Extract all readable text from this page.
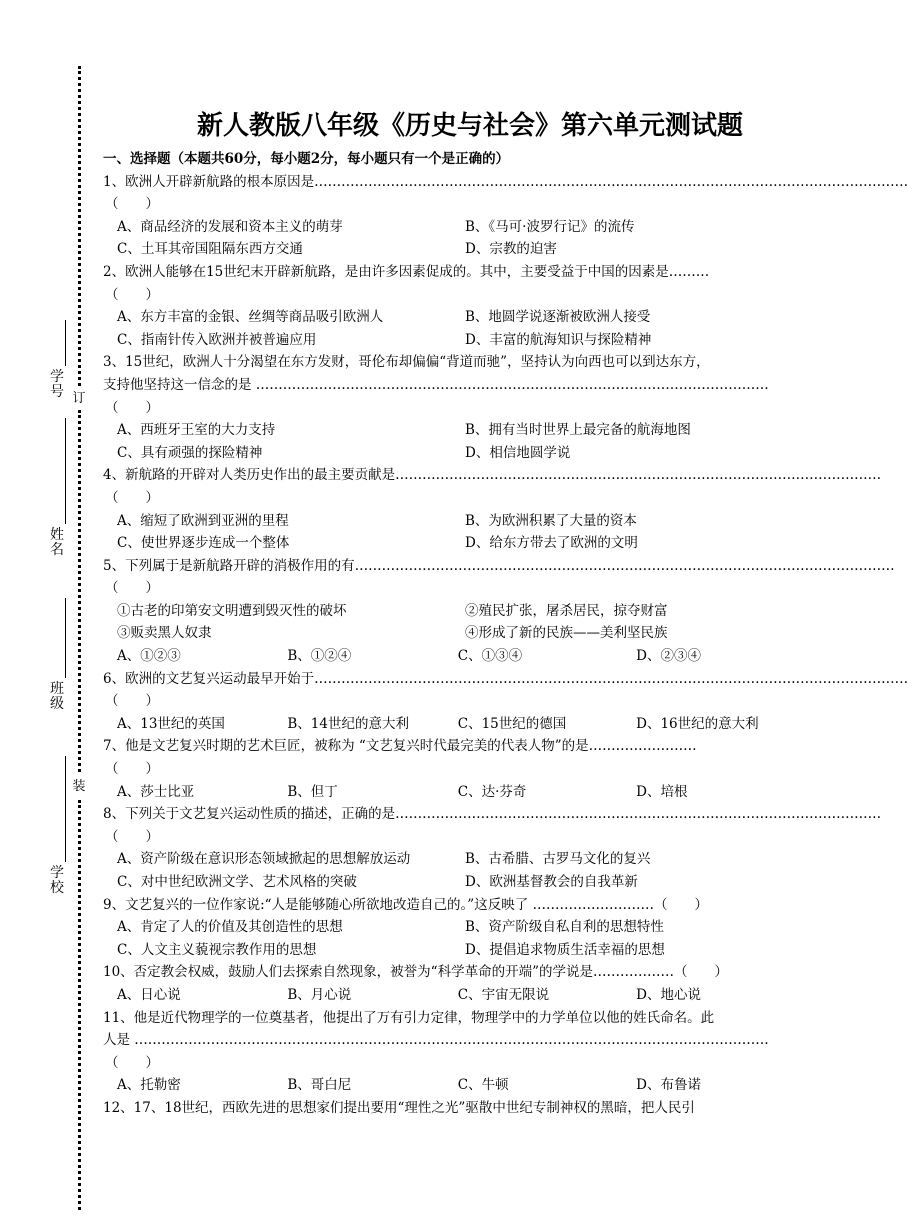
订
装
学号
姓名
班级
学校
新人教版八年级《历史与社会》第六单元测试题
一、选择题（本题共60分，每小题2分，每小题只有一个是正确的）
1、欧洲人开辟新航路的根本原因是……………………………………………………………………………………………………………………
（　　）
A、商品经济的发展和资本主义的萌芽	B、《马可·波罗行记》的流传
C、土耳其帝国阻隔东西方交通	D、宗教的迫害
2、欧洲人能够在15世纪末开辟新航路，是由许多因素促成的。其中，主要受益于中国的因素是………
（　　）
A、东方丰富的金银、丝绸等商品吸引欧洲人	B、地圆学说逐渐被欧洲人接受
C、指南针传入欧洲并被普遍应用	D、丰富的航海知识与探险精神
3、15世纪，欧洲人十分渴望在东方发财，哥伦布却偏偏“背道而驰”，坚持认为向西也可以到达东方，
支持他坚持这一信念的是 ……………………………………………………………………………………………………
（　　）
A、西班牙王室的大力支持	B、拥有当时世界上最完备的航海地图
C、具有顽强的探险精神	D、相信地圆学说
4、新航路的开辟对人类历史作出的最主要贡献是………………………………………………………………………………………………
（　　）
A、缩短了欧洲到亚洲的里程	B、为欧洲积累了大量的资本
C、使世界逐步连成一个整体	D、给东方带去了欧洲的文明
5、下列属于是新航路开辟的消极作用的有…………………………………………………………………………………………………………
（　　）
①古老的印第安文明遭到毁灭性的破坏	②殖民扩张，屠杀居民，掠夺财富
③贩卖黑人奴隶	④形成了新的民族——美利坚民族
A、①②③	B、①②④	C、①③④	D、②③④
6、欧洲的文艺复兴运动最早开始于……………………………………………………………………………………………………………………
（　　）
A、13世纪的英国	B、14世纪的意大利	C、15世纪的德国	D、16世纪的意大利
7、他是文艺复兴时期的艺术巨匠，被称为 “文艺复兴时代最完美的代表人物”的是……………………
（　　）
A、莎士比亚	B、但丁	C、达·芬奇	D、培根
8、下列关于文艺复兴运动性质的描述，正确的是………………………………………………………………………………………………
（　　）
A、资产阶级在意识形态领域掀起的思想解放运动	B、古希腊、古罗马文化的复兴
C、对中世纪欧洲文学、艺术风格的突破	D、欧洲基督教会的自我革新
9、文艺复兴的一位作家说:“人是能够随心所欲地改造自己的。”这反映了 ………………………（　　）
A、肯定了人的价值及其创造性的思想	B、资产阶级自私自利的思想特性
C、人文主义藐视宗教作用的思想	D、提倡追求物质生活幸福的思想
10、否定教会权威，鼓励人们去探索自然现象，被誉为“科学革命的开端”的学说是………………（　　）
A、日心说	B、月心说	C、宇宙无限说	D、地心说
11、他是近代物理学的一位奠基者，他提出了万有引力定律，物理学中的力学单位以他的姓氏命名。此
人是 ……………………………………………………………………………………………………………………………
（　　）
A、托勒密	B、哥白尼	C、牛顿	D、布鲁诺
12、17、18世纪，西欧先进的思想家们提出要用“理性之光”驱散中世纪专制神权的黑暗，把人民引
